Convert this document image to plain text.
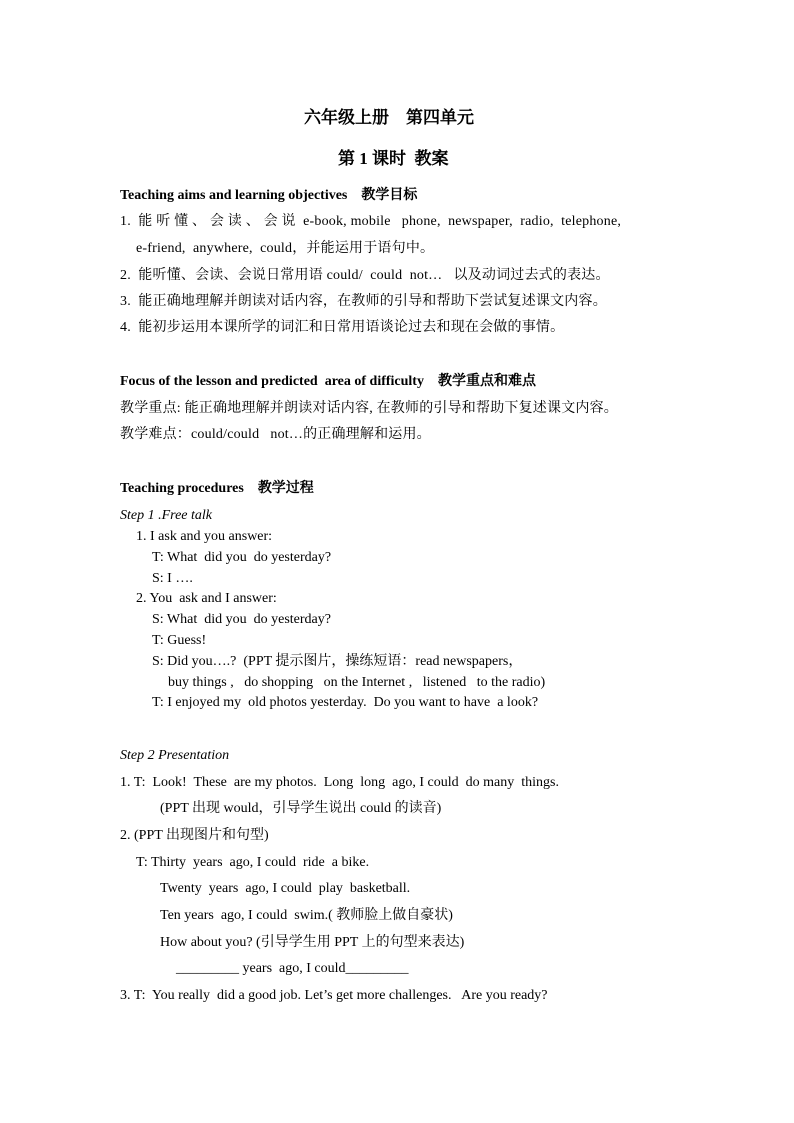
六年级上册    第四单元
第 1 课时  教案
Teaching aims and learning objectives    教学目标
1.  能 听 懂 、 会 读 、 会 说  e-book, mobile   phone,  newspaper,  radio,  telephone,
e-friend,  anywhere,  could，并能运用于语句中。
2.  能听懂、会读、会说日常用语 could/  could  not…   以及动词过去式的表达。
3.  能正确地理解并朗读对话内容，在教师的引导和帮助下尝试复述课文内容。
4.  能初步运用本课所学的词汇和日常用语谈论过去和现在会做的事情。
Focus of the lesson and predicted  area of difficulty    教学重点和难点
教学重点: 能正确地理解并朗读对话内容, 在教师的引导和帮助下复述课文内容。
教学难点：could/could   not…的正确理解和运用。
Teaching procedures    教学过程
Step 1 .Free talk
1. I ask and you answer:
T: What  did you  do yesterday?
S: I ….
2. You  ask and I answer:
S: What  did you  do yesterday?
T: Guess!
S: Did you….?  (PPT 提示图片，操练短语：read newspapers，
buy things ,   do shopping   on the Internet ,   listened   to the radio)
T: I enjoyed my  old photos yesterday.  Do you want to have  a look?
Step 2 Presentation
1. T:  Look!  These  are my photos.  Long  long  ago, I could  do many  things.
(PPT 出现 would，引导学生说出 could 的读音)
2. (PPT 出现图片和句型)
T: Thirty  years  ago, I could  ride  a bike.
Twenty  years  ago, I could  play  basketball.
Ten years  ago, I could  swim.( 教师脸上做自豪状)
How about you? (引导学生用 PPT 上的句型来表达)
_________ years  ago, I could_________
3. T:  You really  did a good job. Let’s get more challenges.   Are you ready?
